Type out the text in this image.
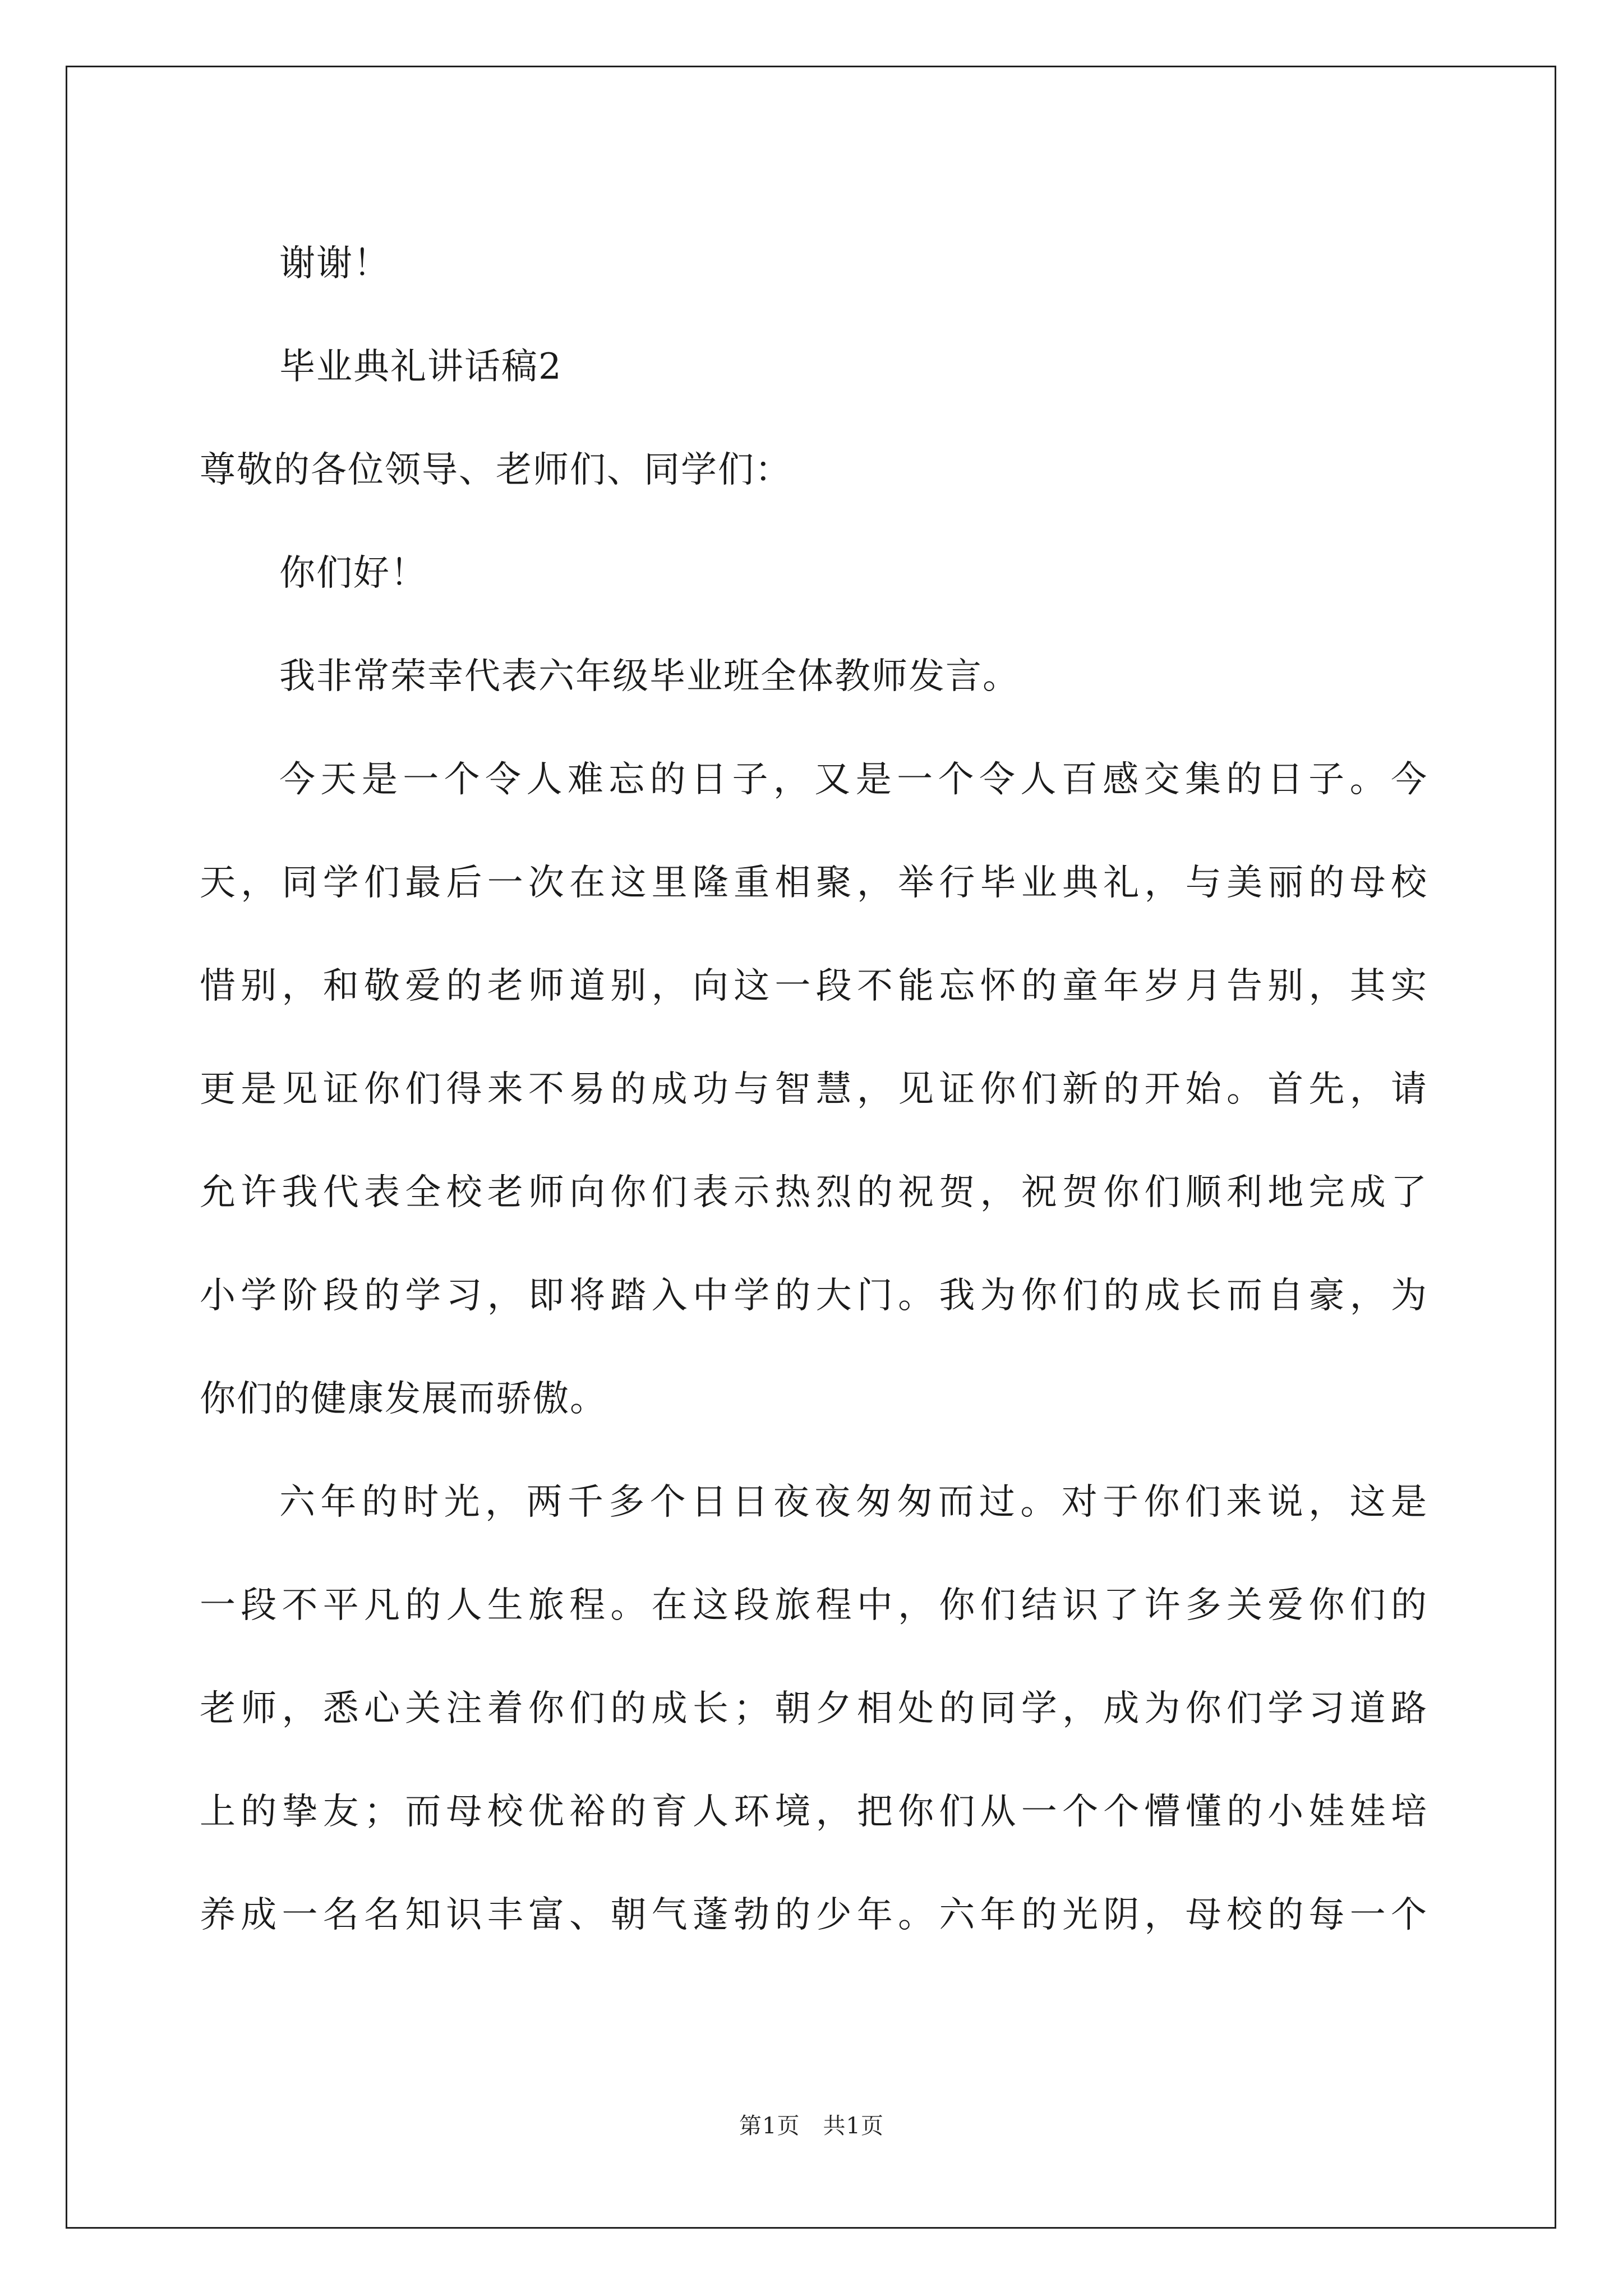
谢谢！
毕业典礼讲话稿2
尊敬的各位领导、老师们、同学们：
你们好！
我非常荣幸代表六年级毕业班全体教师发言。
今天是一个令人难忘的日子，又是一个令人百感交集的日子。今
天，同学们最后一次在这里隆重相聚，举行毕业典礼，与美丽的母校
惜别，和敬爱的老师道别，向这一段不能忘怀的童年岁月告别，其实
更是见证你们得来不易的成功与智慧，见证你们新的开始。首先，请
允许我代表全校老师向你们表示热烈的祝贺，祝贺你们顺利地完成了
小学阶段的学习，即将踏入中学的大门。我为你们的成长而自豪，为
你们的健康发展而骄傲。
六年的时光，两千多个日日夜夜匆匆而过。对于你们来说，这是
一段不平凡的人生旅程。在这段旅程中，你们结识了许多关爱你们的
老师，悉心关注着你们的成长；朝夕相处的同学，成为你们学习道路
上的挚友；而母校优裕的育人环境，把你们从一个个懵懂的小娃娃培
养成一名名知识丰富、朝气蓬勃的少年。六年的光阴，母校的每一个
第1页　共1页
